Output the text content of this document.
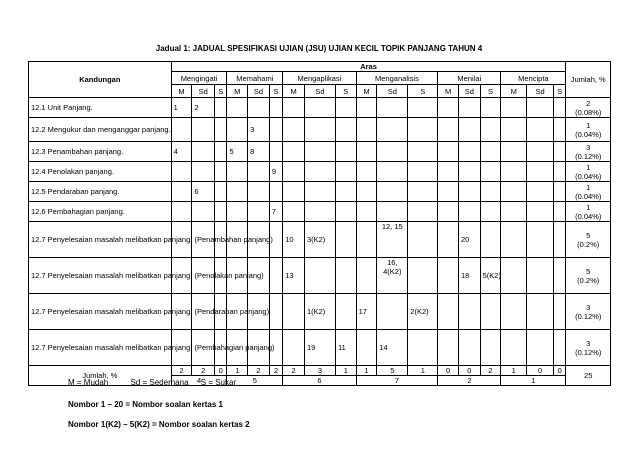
Jadual 1: JADUAL SPESIFIKASI UJIAN (JSU) UJIAN KECIL TOPIK PANJANG TAHUN 4
Kandungan	Aras																		Jumlah, %
	Mengingati			Memahami			Mengaplikasi			Menganalisis			Menilai			Mencipta			
	M	Sd	S	M	Sd	S	M	Sd	S	M	Sd	S	M	Sd	S	M	Sd	S	
12.1 Unit Panjang.	1	2																	2
(0.08%)

12.2 Mengukur dan menganggar panjang.					3														1
(0.04%)

12.3 Penambahan panjang.	4			5	8														3
(0.12%)

12.4 Penolakan panjang.						9													1
(0.04%)

12.5 Pendaraban panjang.		6																	1
(0.04%)

12.6 Pembahagian panjang.						7													1
(0.04%)

12.7 Penyelesaian masalah melibatkan panjang. (Penambahan panjang)							10	3(K2)			12, 15			20					5
(0.2%)

12.7 Penyelesaian masalah melibatkan panjang. (Penolakan panjang)							13				16, 4(K2)			18	5(K2)				5
(0.2%)

12.7 Penyelesaian masalah melibatkan panjang. (Pendaraban panjang)								1(K2)		17		2(K2)							3
(0.12%)

12.7 Penyelesaian masalah melibatkan panjang. (Pembahagian panjang)								19	11		14								3
(0.12%)

Jumlah, %	2	2	0	1	2	2	2	3	1	1	5	1	0	0	2	1	0	0	25
	4			5			6			7			2			1			
M = Mudah	Sd = Sederhana S = Sukar
Nombor 1 – 20 = Nombor soalan kertas 1
Nombor 1(K2) – 5(K2) = Nombor soalan kertas 2
